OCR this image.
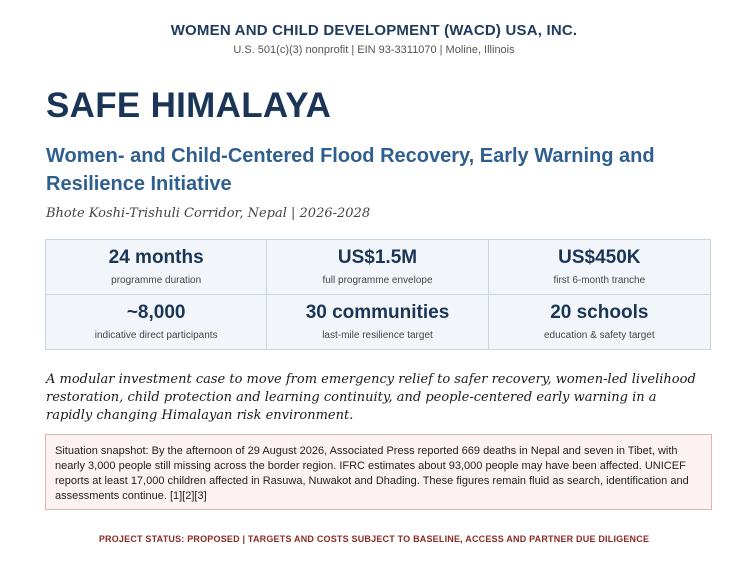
WOMEN AND CHILD DEVELOPMENT (WACD) USA, INC.
U.S. 501(c)(3) nonprofit | EIN 93-3311070 | Moline, Illinois
SAFE HIMALAYA
Women- and Child-Centered Flood Recovery, Early Warning and Resilience Initiative
Bhote Koshi-Trishuli Corridor, Nepal | 2026-2028
24 months
programme duration
US$1.5M
full programme envelope
US$450K
first 6-month tranche
~8,000
indicative direct participants
30 communities
last-mile resilience target
20 schools
education & safety target
A modular investment case to move from emergency relief to safer recovery, women-led livelihood restoration, child protection and learning continuity, and people-centered early warning in a rapidly changing Himalayan risk environment.
Situation snapshot: By the afternoon of 29 August 2026, Associated Press reported 669 deaths in Nepal and seven in Tibet, with nearly 3,000 people still missing across the border region. IFRC estimates about 93,000 people may have been affected. UNICEF reports at least 17,000 children affected in Rasuwa, Nuwakot and Dhading. These figures remain fluid as search, identification and assessments continue. [1][2][3]
PROJECT STATUS: PROPOSED | TARGETS AND COSTS SUBJECT TO BASELINE, ACCESS AND PARTNER DUE DILIGENCE
